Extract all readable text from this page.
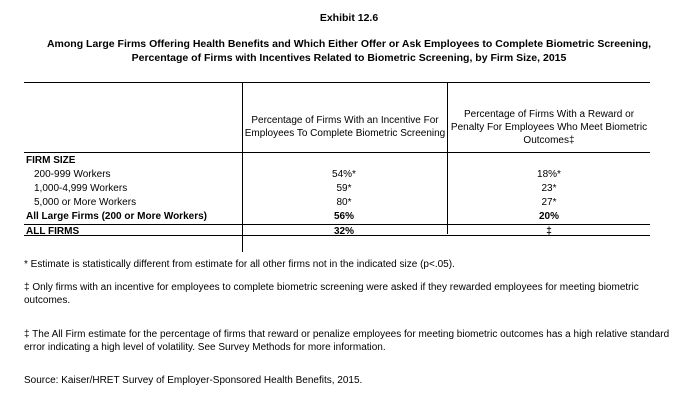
Exhibit 12.6
Among Large Firms Offering Health Benefits and Which Either Offer or Ask Employees to Complete Biometric Screening,
Percentage of Firms with Incentives Related to Biometric Screening, by Firm Size, 2015
Percentage of Firms With an Incentive For Employees To Complete Biometric Screening
Percentage of Firms With a Reward or Penalty For Employees Who Meet Biometric Outcomes‡
FIRM SIZE
200-999 Workers	54%*	18%*
1,000-4,999 Workers	59*	23*
5,000 or More Workers	80*	27*
All Large Firms (200 or More Workers)	56%	20%
ALL FIRMS	32%	‡

* Estimate is statistically different from estimate for all other firms not in the indicated size (p<.05).

‡ Only firms with an incentive for employees to complete biometric screening were asked if they rewarded employees for meeting biometric outcomes.

‡ The All Firm estimate for the percentage of firms that reward or penalize employees for meeting biometric outcomes has a high relative standard error indicating a high level of volatility. See Survey Methods for more information.

Source: Kaiser/HRET Survey of Employer-Sponsored Health Benefits, 2015.
